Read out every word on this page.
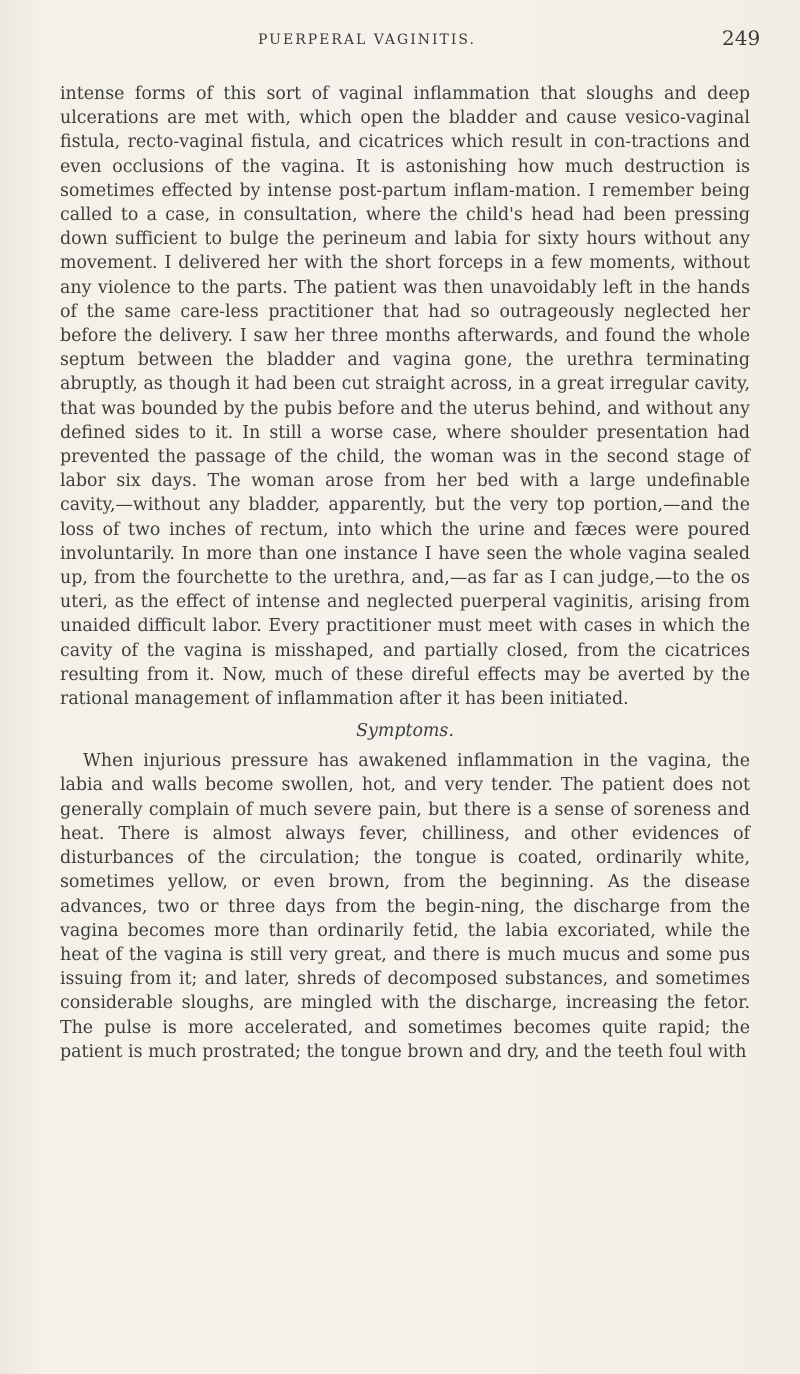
PUERPERAL VAGINITIS.	249

intense forms of this sort of vaginal inflammation that sloughs and deep ulcerations are met with, which open the bladder and cause vesico-vaginal fistula, recto-vaginal fistula, and cicatrices which result in con-tractions and even occlusions of the vagina. It is astonishing how much destruction is sometimes effected by intense post-partum inflam-mation. I remember being called to a case, in consultation, where the child's head had been pressing down sufficient to bulge the perineum and labia for sixty hours without any movement. I delivered her with the short forceps in a few moments, without any violence to the parts. The patient was then unavoidably left in the hands of the same care-less practitioner that had so outrageously neglected her before the delivery. I saw her three months afterwards, and found the whole septum between the bladder and vagina gone, the urethra terminating abruptly, as though it had been cut straight across, in a great irregular cavity, that was bounded by the pubis before and the uterus behind, and without any defined sides to it. In still a worse case, where shoulder presentation had prevented the passage of the child, the woman was in the second stage of labor six days. The woman arose from her bed with a large undefinable cavity,—without any bladder, apparently, but the very top portion,—and the loss of two inches of rectum, into which the urine and fæces were poured involuntarily. In more than one instance I have seen the whole vagina sealed up, from the fourchette to the urethra, and,—as far as I can judge,—to the os uteri, as the effect of intense and neglected puerperal vaginitis, arising from unaided difficult labor. Every practitioner must meet with cases in which the cavity of the vagina is misshaped, and partially closed, from the cicatrices resulting from it. Now, much of these direful effects may be averted by the rational management of inflammation after it has been initiated.

Symptoms.

When injurious pressure has awakened inflammation in the vagina, the labia and walls become swollen, hot, and very tender. The patient does not generally complain of much severe pain, but there is a sense of soreness and heat. There is almost always fever, chilliness, and other evidences of disturbances of the circulation; the tongue is coated, ordinarily white, sometimes yellow, or even brown, from the beginning. As the disease advances, two or three days from the begin-ning, the discharge from the vagina becomes more than ordinarily fetid, the labia excoriated, while the heat of the vagina is still very great, and there is much mucus and some pus issuing from it; and later, shreds of decomposed substances, and sometimes considerable sloughs, are mingled with the discharge, increasing the fetor. The pulse is more accelerated, and sometimes becomes quite rapid; the patient is much prostrated; the tongue brown and dry, and the teeth foul with
